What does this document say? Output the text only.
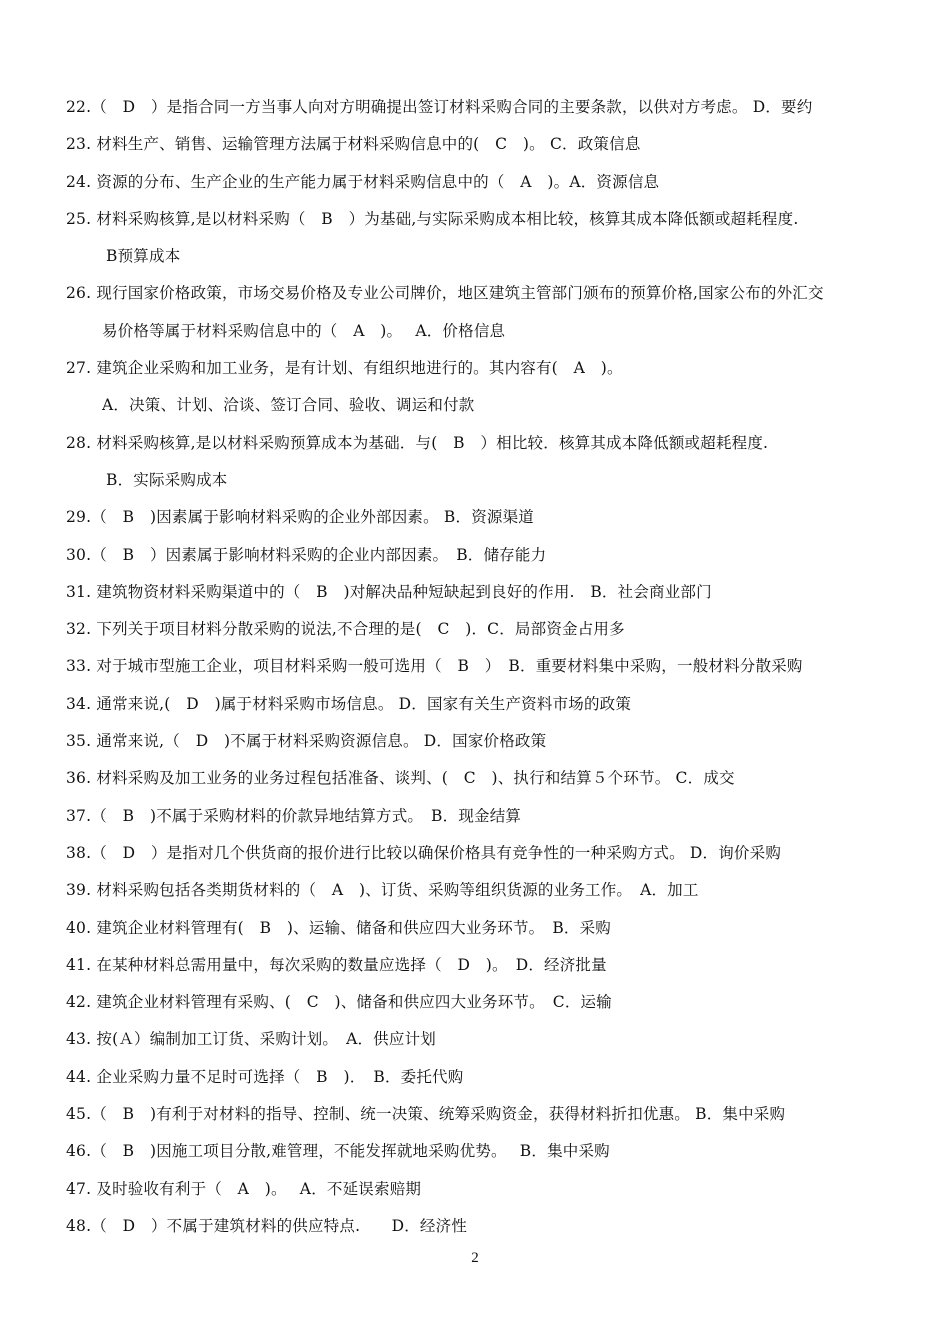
22.（　D　）是指合同一方当事人向对方明确提出签订材料采购合同的主要条款，以供对方考虑。 D．要约
23. 材料生产、销售、运输管理方法属于材料采购信息中的(　C　)。 C．政策信息
24. 资源的分布、生产企业的生产能力属于材料采购信息中的（　A　)。A．资源信息
25. 材料采购核算,是以材料采购（　B　）为基础,与实际采购成本相比较，核算其成本降低额或超耗程度.
B预算成本
26. 现行国家价格政策，市场交易价格及专业公司牌价，地区建筑主管部门颁布的预算价格,国家公布的外汇交
易价格等属于材料采购信息中的（　A　)。　 A．价格信息
27. 建筑企业采购和加工业务，是有计划、有组织地进行的。其内容有(　A　)。
A．决策、计划、洽谈、签订合同、验收、调运和付款
28. 材料采购核算,是以材料采购预算成本为基础．与(　B　）相比较．核算其成本降低额或超耗程度.
B．实际采购成本
29.（　B　)因素属于影响材料采购的企业外部因素。 B．资源渠道
30.（　B　）因素属于影响材料采购的企业内部因素。　B．储存能力
31. 建筑物资材料采购渠道中的（　B　)对解决品种短缺起到良好的作用.　B．社会商业部门
32. 下列关于项目材料分散采购的说法,不合理的是(　C　)．C．局部资金占用多
33. 对于城市型施工企业，项目材料采购一般可选用（　B　）　B．重要材料集中采购，一般材料分散采购
34. 通常来说,(　D　)属于材料采购市场信息。 D．国家有关生产资料市场的政策
35. 通常来说,（　D　)不属于材料采购资源信息。 D．国家价格政策
36. 材料采购及加工业务的业务过程包括准备、谈判、(　C　)、执行和结算５个环节。 C．成交
37.（　B　)不属于采购材料的价款异地结算方式。　B．现金结算
38.（　D　）是指对几个供货商的报价进行比较以确保价格具有竞争性的一种采购方式。 D．询价采购
39. 材料采购包括各类期货材料的（　A　)、订货、采购等组织货源的业务工作。　A．加工
40. 建筑企业材料管理有(　B　)、运输、储备和供应四大业务环节。　B．采购
41. 在某种材料总需用量中，每次采购的数量应选择（　D　)。　D．经济批量
42. 建筑企业材料管理有采购、(　C　)、储备和供应四大业务环节。　C．运输
43. 按(Ａ）编制加工订货、采购计划。　A．供应计划
44. 企业采购力量不足时可选择（　B　)．　B．委托代购
45.（　B　)有利于对材料的指导、控制、统一决策、统筹采购资金，获得材料折扣优惠。 B．集中采购
46.（　B　)因施工项目分散,难管理，不能发挥就地采购优势。　 B．集中采购
47. 及时验收有利于（　A　)。　 A．不延误索赔期
48.（　D　）不属于建筑材料的供应特点.　　D．经济性
2
